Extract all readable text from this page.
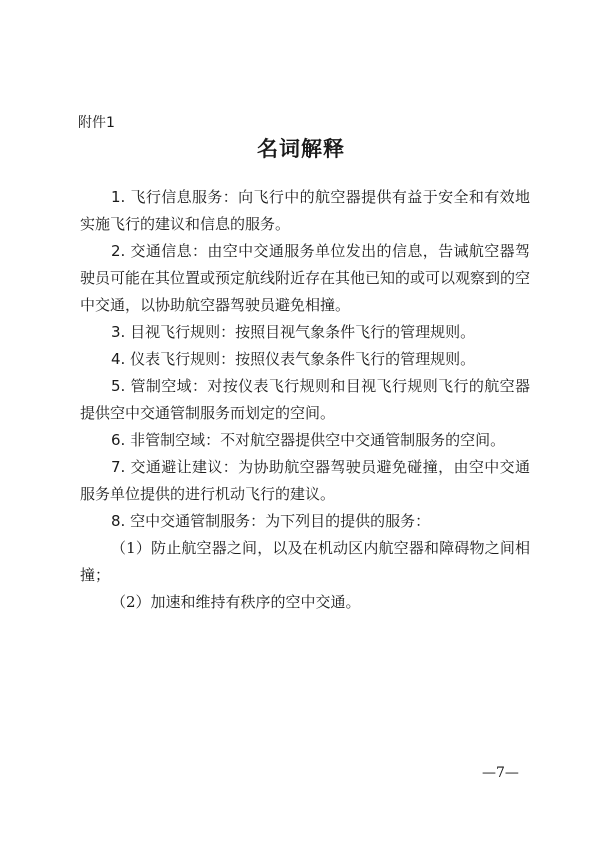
附件1
名词解释

1. 飞行信息服务：向飞行中的航空器提供有益于安全和有效地实施飞行的建议和信息的服务。

2. 交通信息：由空中交通服务单位发出的信息，告诫航空器驾驶员可能在其位置或预定航线附近存在其他已知的或可以观察到的空中交通，以协助航空器驾驶员避免相撞。

3. 目视飞行规则：按照目视气象条件飞行的管理规则。

4. 仪表飞行规则：按照仪表气象条件飞行的管理规则。

5. 管制空域：对按仪表飞行规则和目视飞行规则飞行的航空器提供空中交通管制服务而划定的空间。

6. 非管制空域：不对航空器提供空中交通管制服务的空间。

7. 交通避让建议：为协助航空器驾驶员避免碰撞，由空中交通服务单位提供的进行机动飞行的建议。

8. 空中交通管制服务：为下列目的提供的服务：

（1）防止航空器之间，以及在机动区内航空器和障碍物之间相撞；

（2）加速和维持有秩序的空中交通。

—7—
